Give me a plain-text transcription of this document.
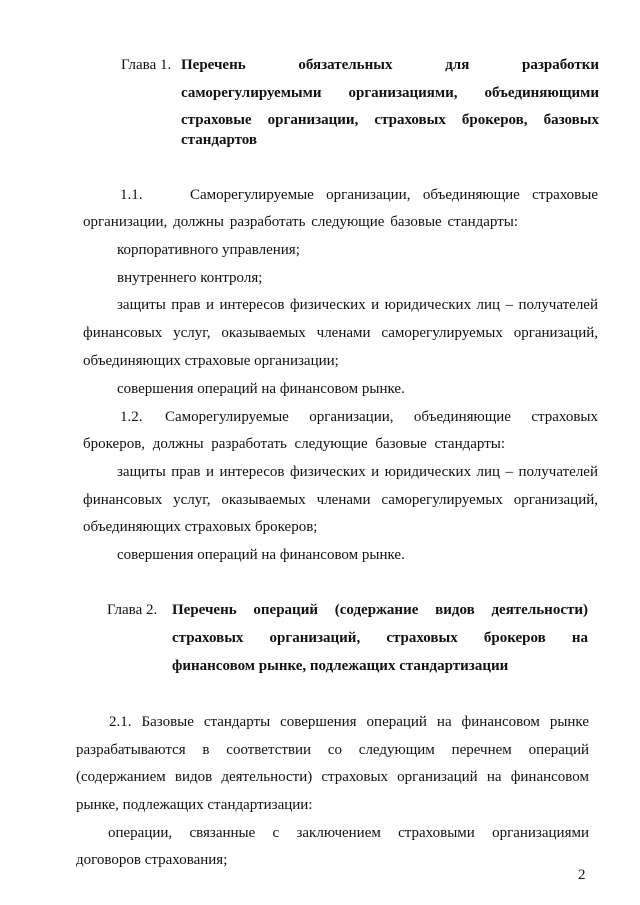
Глава 1. Перечень обязательных для разработки
саморегулируемыми организациями, объединяющими
страховые организации, страховых брокеров, базовых
стандартов
1.1.	Саморегулируемые организации, объединяющие страховые
организации, должны разработать следующие базовые стандарты:
корпоративного управления;
внутреннего контроля;
защиты прав и интересов физических и юридических лиц – получателей
финансовых услуг, оказываемых членами саморегулируемых организаций,
объединяющих страховые организации;
совершения операций на финансовом рынке.
1.2. Саморегулируемые организации, объединяющие страховых
брокеров, должны разработать следующие базовые стандарты:
защиты прав и интересов физических и юридических лиц – получателей
финансовых услуг, оказываемых членами саморегулируемых организаций,
объединяющих страховых брокеров;
совершения операций на финансовом рынке.
Глава 2. Перечень операций (содержание видов деятельности)
страховых организаций, страховых брокеров на
финансовом рынке, подлежащих стандартизации
2.1. Базовые стандарты совершения операций на финансовом рынке
разрабатываются в соответствии со следующим перечнем операций
(содержанием видов деятельности) страховых организаций на финансовом
рынке, подлежащих стандартизации:
операции, связанные с заключением страховыми организациями
договоров страхования;
2
